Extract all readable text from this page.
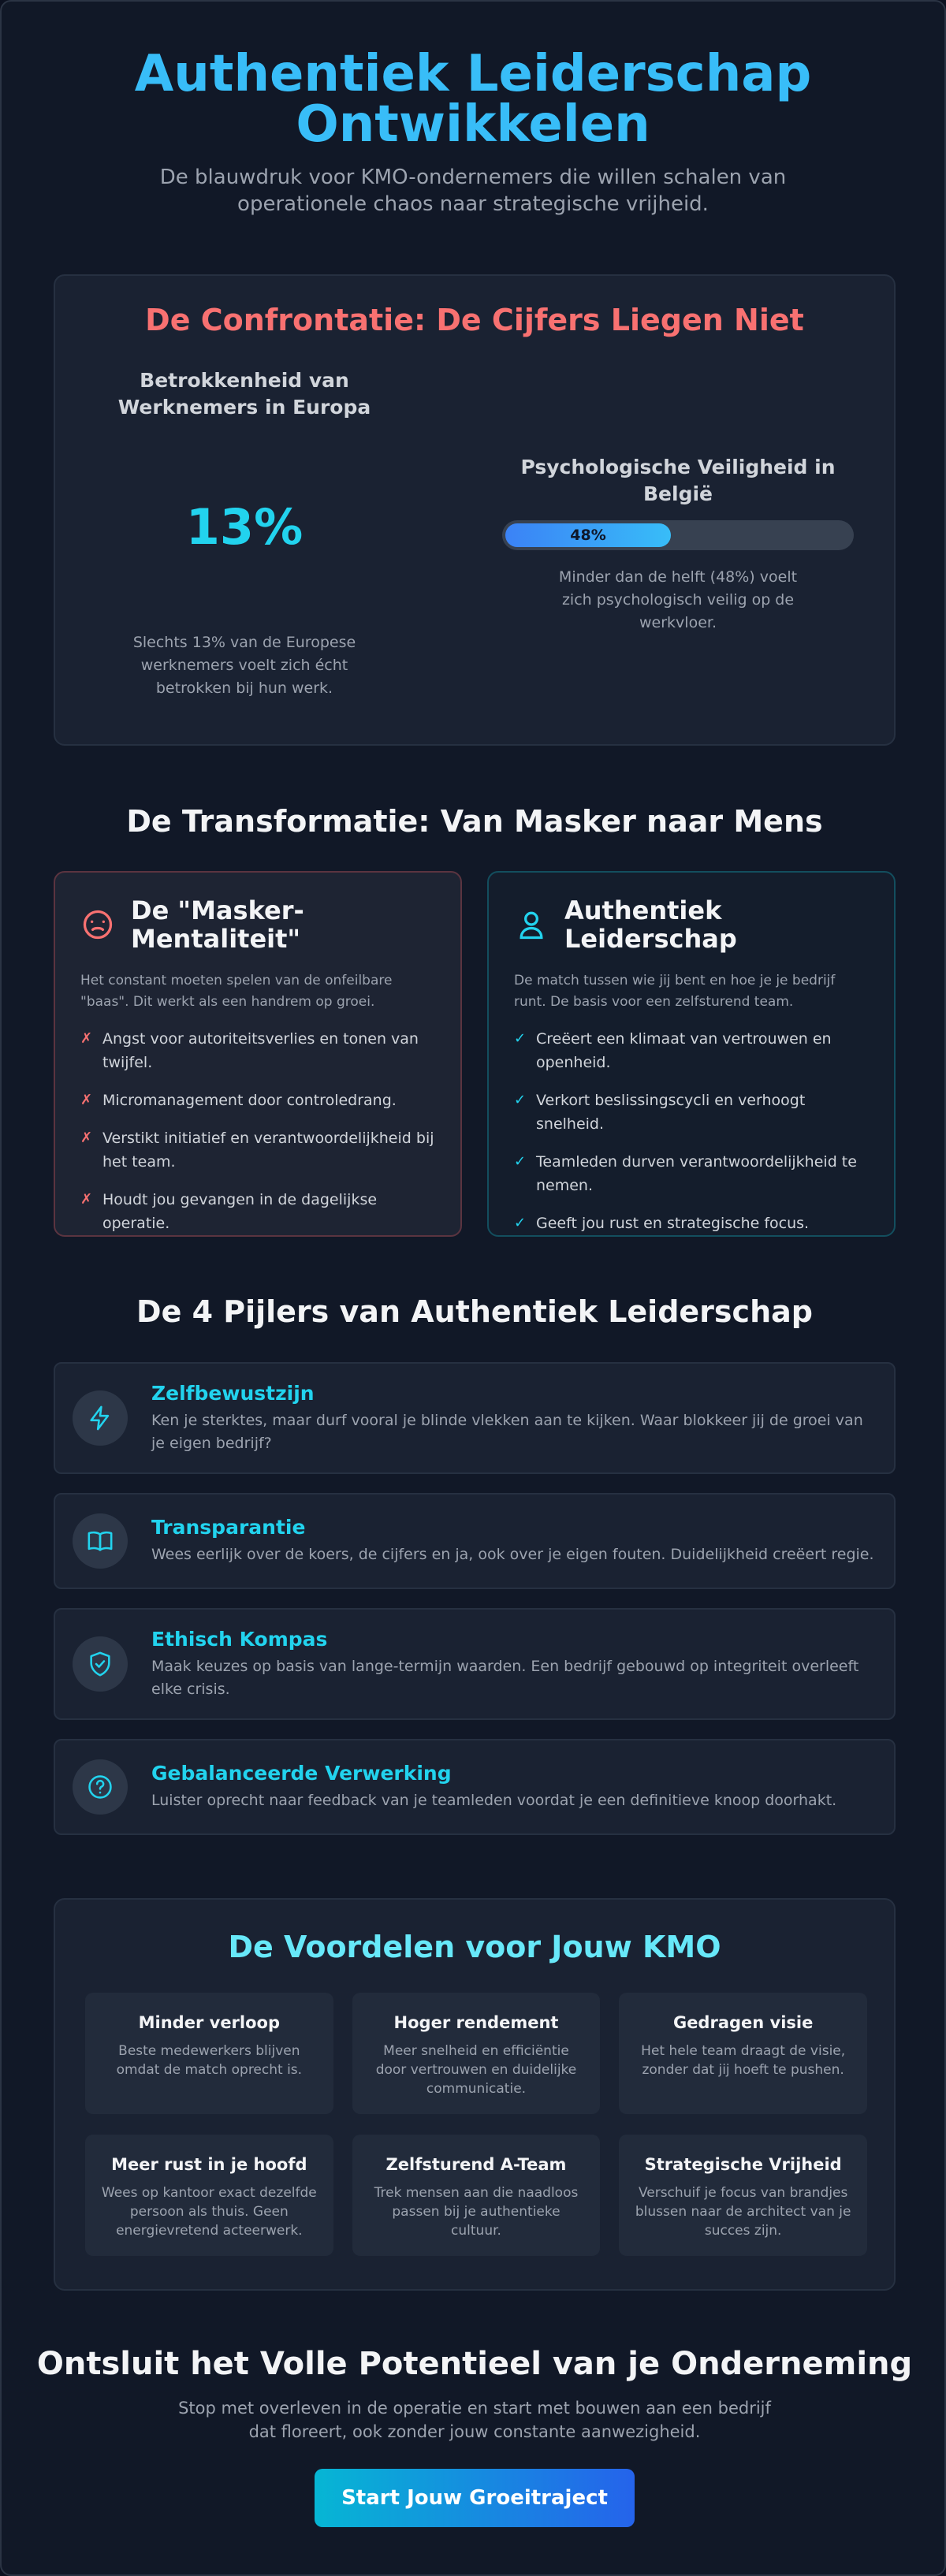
Authentiek Leiderschap
Ontwikkelen

De blauwdruk voor KMO-ondernemers die willen schalen van operationele chaos naar strategische vrijheid.

De Confrontatie: De Cijfers Liegen Niet
Betrokkenheid van Werknemers in Europa
13%

Slechts 13% van de Europese werknemers voelt zich écht betrokken bij hun werk.

Psychologische Veiligheid in België
48%

Minder dan de helft (48%) voelt zich psychologisch veilig op de werkvloer.

De Transformatie: Van Masker naar Mens
De "Masker-Mentaliteit"

Het constant moeten spelen van de onfeilbare "baas". Dit werkt als een handrem op groei.

✗ Angst voor autoriteitsverlies en tonen van twijfel.
✗ Micromanagement door controledrang.
✗ Verstikt initiatief en verantwoordelijkheid bij het team.
✗ Houdt jou gevangen in de dagelijkse operatie.
Authentiek Leiderschap

De match tussen wie jij bent en hoe je je bedrijf runt. De basis voor een zelfsturend team.

✓ Creëert een klimaat van vertrouwen en openheid.
✓ Verkort beslissingscycli en verhoogt snelheid.
✓ Teamleden durven verantwoordelijkheid te nemen.
✓ Geeft jou rust en strategische focus.
De 4 Pijlers van Authentiek Leiderschap
Zelfbewustzijn

Ken je sterktes, maar durf vooral je blinde vlekken aan te kijken. Waar blokkeer jij de groei van je eigen bedrijf?

Transparantie

Wees eerlijk over de koers, de cijfers en ja, ook over je eigen fouten. Duidelijkheid creëert regie.

Ethisch Kompas

Maak keuzes op basis van lange-termijn waarden. Een bedrijf gebouwd op integriteit overleeft elke crisis.

Gebalanceerde Verwerking

Luister oprecht naar feedback van je teamleden voordat je een definitieve knoop doorhakt.

De Voordelen voor Jouw KMO
Minder verloop

Beste medewerkers blijven omdat de match oprecht is.

Hoger rendement

Meer snelheid en efficiëntie door vertrouwen en duidelijke communicatie.

Gedragen visie

Het hele team draagt de visie, zonder dat jij hoeft te pushen.

Meer rust in je hoofd

Wees op kantoor exact dezelfde persoon als thuis. Geen energievretend acteerwerk.

Zelfsturend A-Team

Trek mensen aan die naadloos passen bij je authentieke cultuur.

Strategische Vrijheid

Verschuif je focus van brandjes blussen naar de architect van je succes zijn.

Ontsluit het Volle Potentieel van je Onderneming

Stop met overleven in de operatie en start met bouwen aan een bedrijf dat floreert, ook zonder jouw constante aanwezigheid.

Start Jouw Groeitraject
